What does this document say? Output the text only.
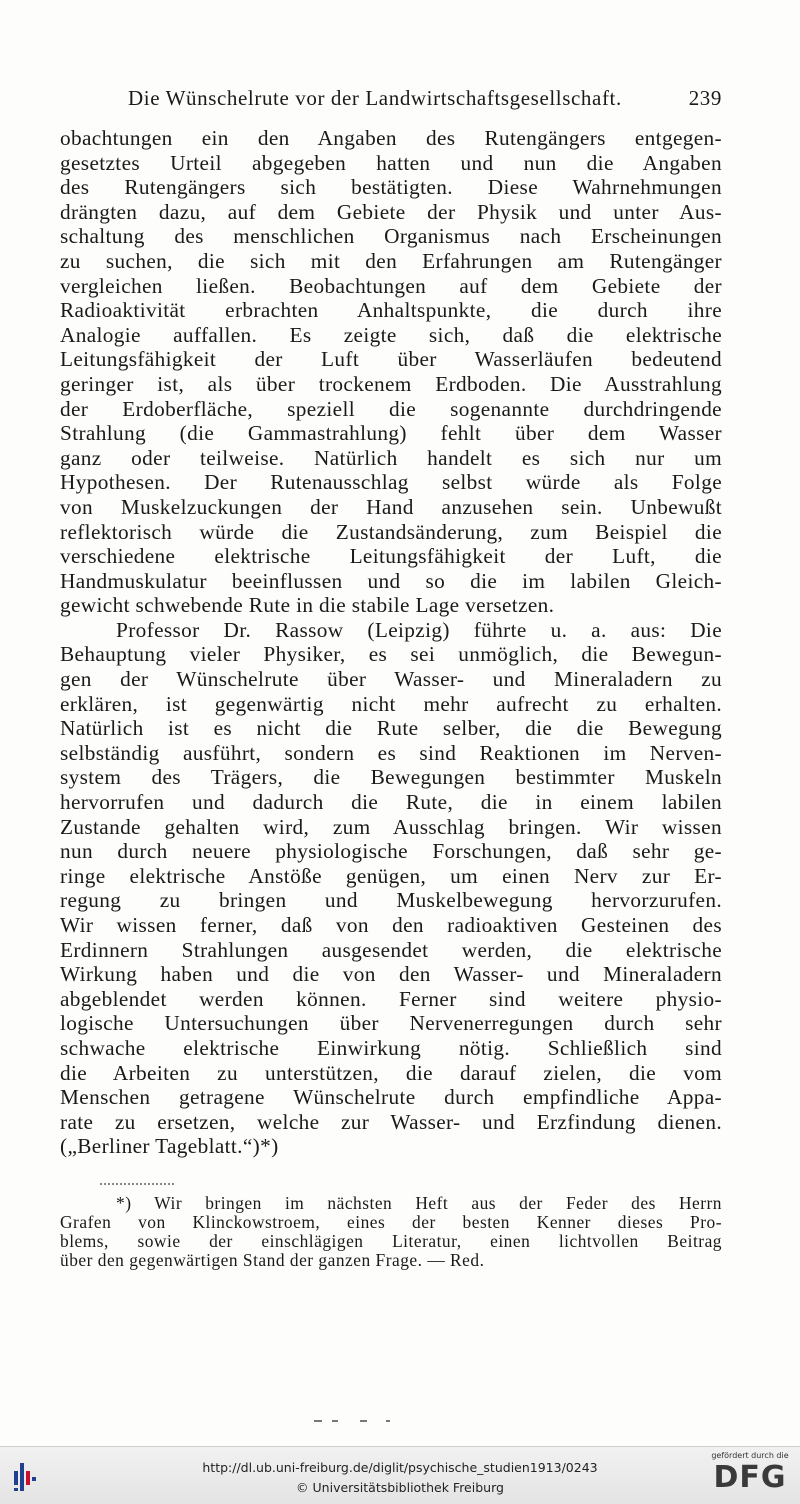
Die Wünschelrute vor der Landwirtschaftsgesellschaft.	239
obachtungen ein den Angaben des Rutengängers entgegen-
gesetztes Urteil abgegeben hatten und nun die Angaben
des Rutengängers sich bestätigten. Diese Wahrnehmungen
drängten dazu, auf dem Gebiete der Physik und unter Aus-
schaltung des menschlichen Organismus nach Erscheinungen
zu suchen, die sich mit den Erfahrungen am Rutengänger
vergleichen ließen. Beobachtungen auf dem Gebiete der
Radioaktivität erbrachten Anhaltspunkte, die durch ihre
Analogie auffallen. Es zeigte sich, daß die elektrische
Leitungsfähigkeit der Luft über Wasserläufen bedeutend
geringer ist, als über trockenem Erdboden. Die Ausstrahlung
der Erdoberfläche, speziell die sogenannte durchdringende
Strahlung (die Gammastrahlung) fehlt über dem Wasser
ganz oder teilweise. Natürlich handelt es sich nur um
Hypothesen. Der Rutenausschlag selbst würde als Folge
von Muskelzuckungen der Hand anzusehen sein. Unbewußt
reflektorisch würde die Zustandsänderung, zum Beispiel die
verschiedene elektrische Leitungsfähigkeit der Luft, die
Handmuskulatur beeinflussen und so die im labilen Gleich-
gewicht schwebende Rute in die stabile Lage versetzen.
Professor Dr. Rassow (Leipzig) führte u. a. aus: Die
Behauptung vieler Physiker, es sei unmöglich, die Bewegun-
gen der Wünschelrute über Wasser- und Mineraladern zu
erklären, ist gegenwärtig nicht mehr aufrecht zu erhalten.
Natürlich ist es nicht die Rute selber, die die Bewegung
selbständig ausführt, sondern es sind Reaktionen im Nerven-
system des Trägers, die Bewegungen bestimmter Muskeln
hervorrufen und dadurch die Rute, die in einem labilen
Zustande gehalten wird, zum Ausschlag bringen. Wir wissen
nun durch neuere physiologische Forschungen, daß sehr ge-
ringe elektrische Anstöße genügen, um einen Nerv zur Er-
regung zu bringen und Muskelbewegung hervorzurufen.
Wir wissen ferner, daß von den radioaktiven Gesteinen des
Erdinnern Strahlungen ausgesendet werden, die elektrische
Wirkung haben und die von den Wasser- und Mineraladern
abgeblendet werden können. Ferner sind weitere physio-
logische Untersuchungen über Nervenerregungen durch sehr
schwache elektrische Einwirkung nötig. Schließlich sind
die Arbeiten zu unterstützen, die darauf zielen, die vom
Menschen getragene Wünschelrute durch empfindliche Appa-
rate zu ersetzen, welche zur Wasser- und Erzfindung dienen.
(„Berliner Tageblatt.“)*)
*) Wir bringen im nächsten Heft aus der Feder des Herrn
Grafen von Klinckowstroem, eines der besten Kenner dieses Pro-
blems, sowie der einschlägigen Literatur, einen lichtvollen Beitrag
über den gegenwärtigen Stand der ganzen Frage. — Red.
http://dl.ub.uni-freiburg.de/diglit/psychische_studien1913/0243
© Universitätsbibliothek Freiburg
gefördert durch die
DFG
